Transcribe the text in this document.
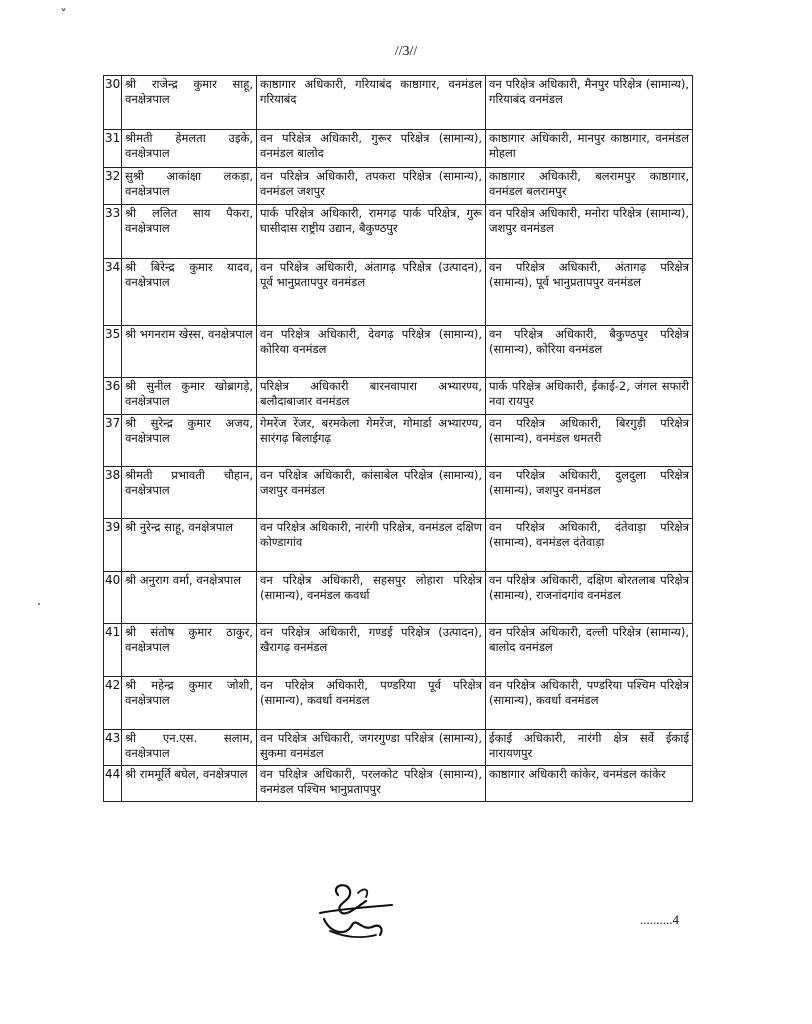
ˇ
//3//
30	श्री राजेन्द्र कुमार साहू, वनक्षेत्रपाल	काष्ठागार अधिकारी, गरियाबंद काष्ठागार, वनमंडल गरियाबंद	वन परिक्षेत्र अधिकारी, मैनपुर परिक्षेत्र (सामान्य), गरियाबंद वनमंडल
31	श्रीमती हेमलता उइके, वनक्षेत्रपाल	वन परिक्षेत्र अधिकारी, गुरूर परिक्षेत्र (सामान्य), वनमंडल बालोद	काष्ठागार अधिकारी, मानपुर काष्ठागार, वनमंडल मोहला
32	सुश्री आकांक्षा लकड़ा, वनक्षेत्रपाल	वन परिक्षेत्र अधिकारी, तपकरा परिक्षेत्र (सामान्य), वनमंडल जशपुर	काष्ठागार अधिकारी, बलरामपुर काष्ठागार, वनमंडल बलरामपुर
33	श्री ललित साय पैकरा, वनक्षेत्रपाल	पार्क परिक्षेत्र अधिकारी, रामगढ़ पार्क परिक्षेत्र, गुरू घासीदास राष्ट्रीय उद्यान, बैकुण्ठपुर	वन परिक्षेत्र अधिकारी, मनोरा परिक्षेत्र (सामान्य), जशपुर वनमंडल
34	श्री बिरेन्द्र कुमार यादव, वनक्षेत्रपाल	वन परिक्षेत्र अधिकारी, अंतागढ़ परिक्षेत्र (उत्पादन), पूर्व भानुप्रतापपुर वनमंडल	वन परिक्षेत्र अधिकारी, अंतागढ़ परिक्षेत्र (सामान्य), पूर्व भानुप्रतापपुर वनमंडल
35	श्री भगनराम खेस्स, वनक्षेत्रपाल	वन परिक्षेत्र अधिकारी, देवगढ़ परिक्षेत्र (सामान्य), कोरिया वनमंडल	वन परिक्षेत्र अधिकारी, बैकुण्ठपुर परिक्षेत्र (सामान्य), कोरिया वनमंडल
36	श्री सुनील कुमार खोब्रागड़े, वनक्षेत्रपाल	परिक्षेत्र अधिकारी बारनवापारा अभ्यारण्य, बलौदाबाजार वनमंडल	पार्क परिक्षेत्र अधिकारी, ईकाई-2, जंगल सफारी नवा रायपुर
37	श्री सुरेन्द्र कुमार अजय, वनक्षेत्रपाल	गेमरेंज रेंजर, बरमकेला गेमरेंज, गोमार्डा अभ्यारण्य, सारंगढ़ बिलाईगढ़	वन परिक्षेत्र अधिकारी, बिरगुड़ी परिक्षेत्र (सामान्य), वनमंडल धमतरी
38	श्रीमती प्रभावती चौहान, वनक्षेत्रपाल	वन परिक्षेत्र अधिकारी, कांसाबेल परिक्षेत्र (सामान्य), जशपुर वनमंडल	वन परिक्षेत्र अधिकारी, दुलदुला परिक्षेत्र (सामान्य), जशपुर वनमंडल
39	श्री नुरेन्द्र साहू, वनक्षेत्रपाल	वन परिक्षेत्र अधिकारी, नारंगी परिक्षेत्र, वनमंडल दक्षिण कोण्डागांव	वन परिक्षेत्र अधिकारी, दंतेवाड़ा परिक्षेत्र (सामान्य), वनमंडल दंतेवाड़ा
40	श्री अनुराग वर्मा, वनक्षेत्रपाल	वन परिक्षेत्र अधिकारी, सहसपुर लोहारा परिक्षेत्र (सामान्य), वनमंडल कवर्धा	वन परिक्षेत्र अधिकारी, दक्षिण बोरतलाब परिक्षेत्र (सामान्य), राजनांदगांव वनमंडल
41	श्री संतोष कुमार ठाकुर, वनक्षेत्रपाल	वन परिक्षेत्र अधिकारी, गण्डई परिक्षेत्र (उत्पादन), खैरागढ़ वनमंडल	वन परिक्षेत्र अधिकारी, दल्ली परिक्षेत्र (सामान्य), बालोद वनमंडल
42	श्री महेन्द्र कुमार जोशी, वनक्षेत्रपाल	वन परिक्षेत्र अधिकारी, पण्डरिया पूर्व परिक्षेत्र (सामान्य), कवर्धा वनमंडल	वन परिक्षेत्र अधिकारी, पण्डरिया पश्चिम परिक्षेत्र (सामान्य), कवर्धा वनमंडल
43	श्री एन.एस. सलाम, वनक्षेत्रपाल	वन परिक्षेत्र अधिकारी, जगरगुण्डा परिक्षेत्र (सामान्य), सुकमा वनमंडल	ईकाई अधिकारी, नारंगी क्षेत्र सर्वे ईकाई नारायणपुर
44	श्री राममूर्ति बघेल, वनक्षेत्रपाल	वन परिक्षेत्र अधिकारी, परलकोट परिक्षेत्र (सामान्य), वनमंडल पश्चिम भानुप्रतापपुर	काष्ठागार अधिकारी कांकेर, वनमंडल कांकेर
..........4
